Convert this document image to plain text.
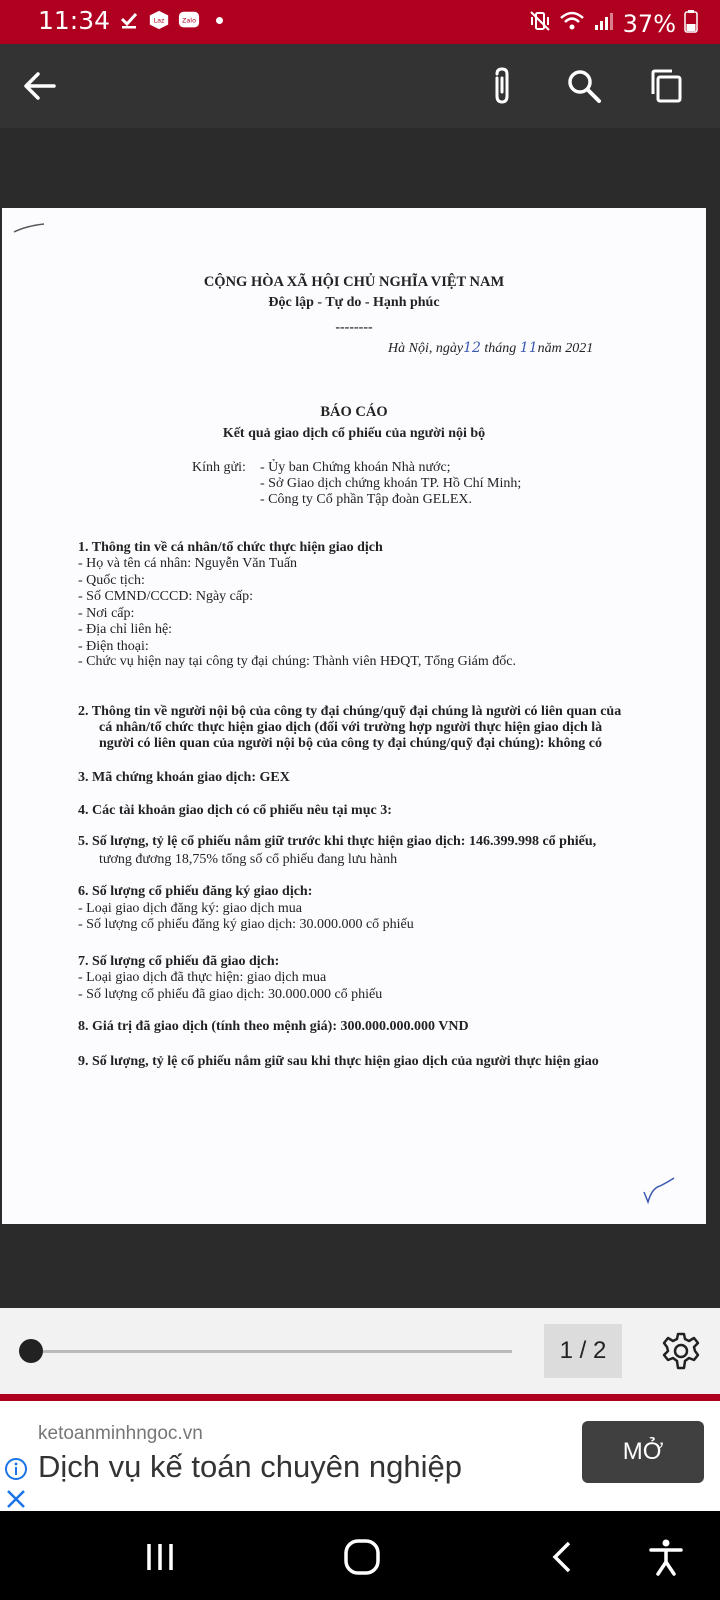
11:34	Laz	Zalo	37%
CỘNG HÒA XÃ HỘI CHỦ NGHĨA VIỆT NAM
Độc lập - Tự do - Hạnh phúc
--------
Hà Nội, ngày12 tháng 11năm 2021
BÁO CÁO
Kết quả giao dịch cổ phiếu của người nội bộ
Kính gửi: - Ủy ban Chứng khoán Nhà nước;
- Sở Giao dịch chứng khoán TP. Hồ Chí Minh;
- Công ty Cổ phần Tập đoàn GELEX.
1. Thông tin về cá nhân/tổ chức thực hiện giao dịch
- Họ và tên cá nhân: Nguyễn Văn Tuấn
- Quốc tịch:
- Số CMND/CCCD: Ngày cấp:
- Nơi cấp:
- Địa chỉ liên hệ:
- Điện thoại:
- Chức vụ hiện nay tại công ty đại chúng: Thành viên HĐQT, Tổng Giám đốc.
2. Thông tin về người nội bộ của công ty đại chúng/quỹ đại chúng là người có liên quan của
cá nhân/tổ chức thực hiện giao dịch (đối với trường hợp người thực hiện giao dịch là
người có liên quan của người nội bộ của công ty đại chúng/quỹ đại chúng): không có
3. Mã chứng khoán giao dịch: GEX
4. Các tài khoản giao dịch có cổ phiếu nêu tại mục 3:
5. Số lượng, tỷ lệ cổ phiếu nắm giữ trước khi thực hiện giao dịch: 146.399.998 cổ phiếu,
tương đương 18,75% tổng số cổ phiếu đang lưu hành
6. Số lượng cổ phiếu đăng ký giao dịch:
- Loại giao dịch đăng ký: giao dịch mua
- Số lượng cổ phiếu đăng ký giao dịch: 30.000.000 cổ phiếu
7. Số lượng cổ phiếu đã giao dịch:
- Loại giao dịch đã thực hiện: giao dịch mua
- Số lượng cổ phiếu đã giao dịch: 30.000.000 cổ phiếu
8. Giá trị đã giao dịch (tính theo mệnh giá): 300.000.000.000 VND
9. Số lượng, tỷ lệ cổ phiếu nắm giữ sau khi thực hiện giao dịch của người thực hiện giao
1 / 2
ketoanminhngoc.vn
Dịch vụ kế toán chuyên nghiệp	MỞ
